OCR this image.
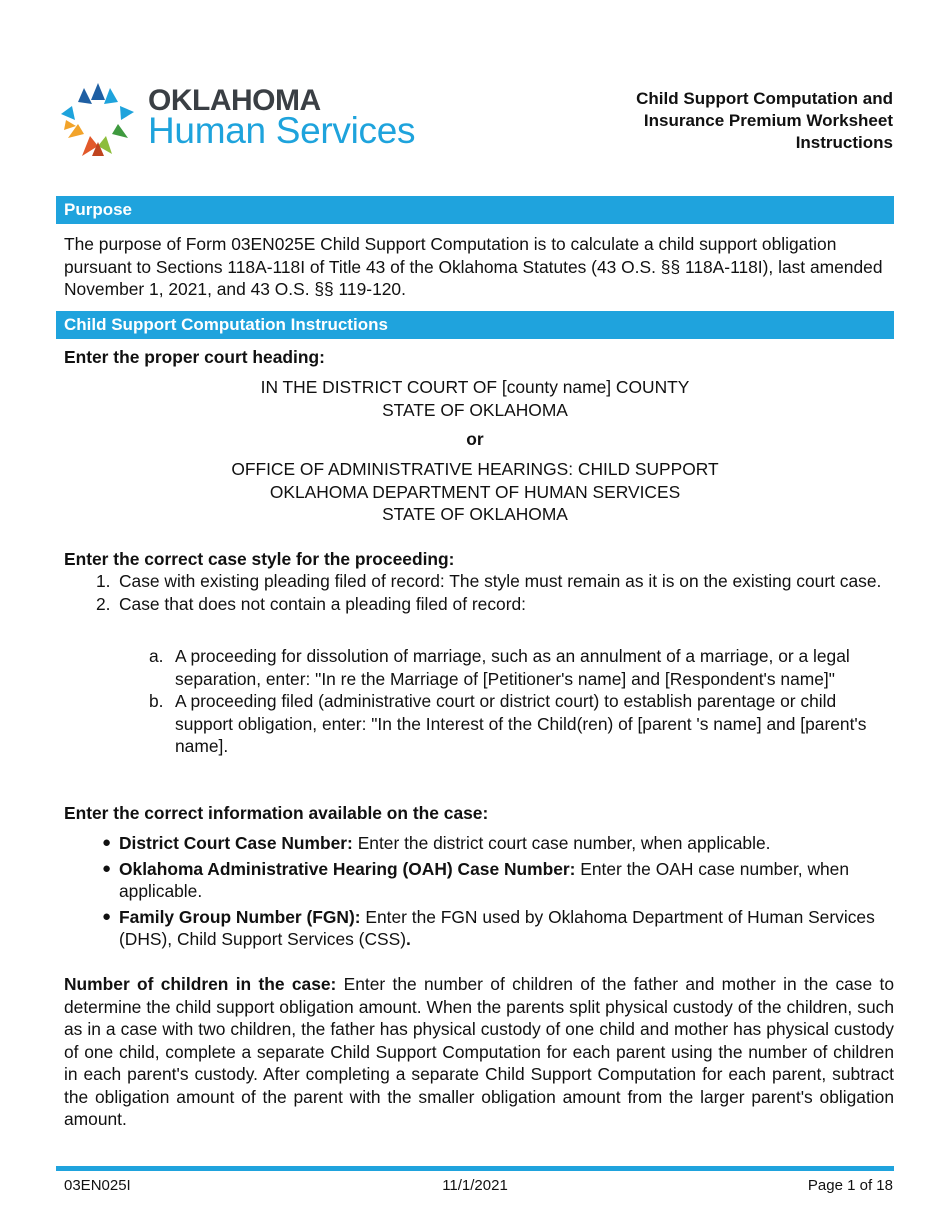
OKLAHOMA
Human Services
Child Support Computation and
Insurance Premium Worksheet
Instructions
Purpose
The purpose of Form 03EN025E Child Support Computation is to calculate a child support obligation pursuant to Sections 118A-118I of Title 43 of the Oklahoma Statutes (43 O.S. §§ 118A-118I), last amended November 1, 2021, and 43 O.S. §§ 119-120.
Child Support Computation Instructions
Enter the proper court heading:
IN THE DISTRICT COURT OF [county name] COUNTY
STATE OF OKLAHOMA
or
OFFICE OF ADMINISTRATIVE HEARINGS: CHILD SUPPORT
OKLAHOMA DEPARTMENT OF HUMAN SERVICES
STATE OF OKLAHOMA
Enter the correct case style for the proceeding:
1. Case with existing pleading filed of record: The style must remain as it is on the existing court case.
2. Case that does not contain a pleading filed of record:
a. A proceeding for dissolution of marriage, such as an annulment of a marriage, or a legal separation, enter: "In re the Marriage of [Petitioner's name] and [Respondent's name]"
b. A proceeding filed (administrative court or district court) to establish parentage or child support obligation, enter: "In the Interest of the Child(ren) of [parent 's name] and [parent's name].
Enter the correct information available on the case:
● District Court Case Number: Enter the district court case number, when applicable.
● Oklahoma Administrative Hearing (OAH) Case Number: Enter the OAH case number, when applicable.
● Family Group Number (FGN): Enter the FGN used by Oklahoma Department of Human Services (DHS), Child Support Services (CSS).
Number of children in the case: Enter the number of children of the father and mother in the case to determine the child support obligation amount. When the parents split physical custody of the children, such as in a case with two children, the father has physical custody of one child and mother has physical custody of one child, complete a separate Child Support Computation for each parent using the number of children in each parent's custody. After completing a separate Child Support Computation for each parent, subtract the obligation amount of the parent with the smaller obligation amount from the larger parent's obligation amount.
03EN025I	11/1/2021	Page 1 of 18
